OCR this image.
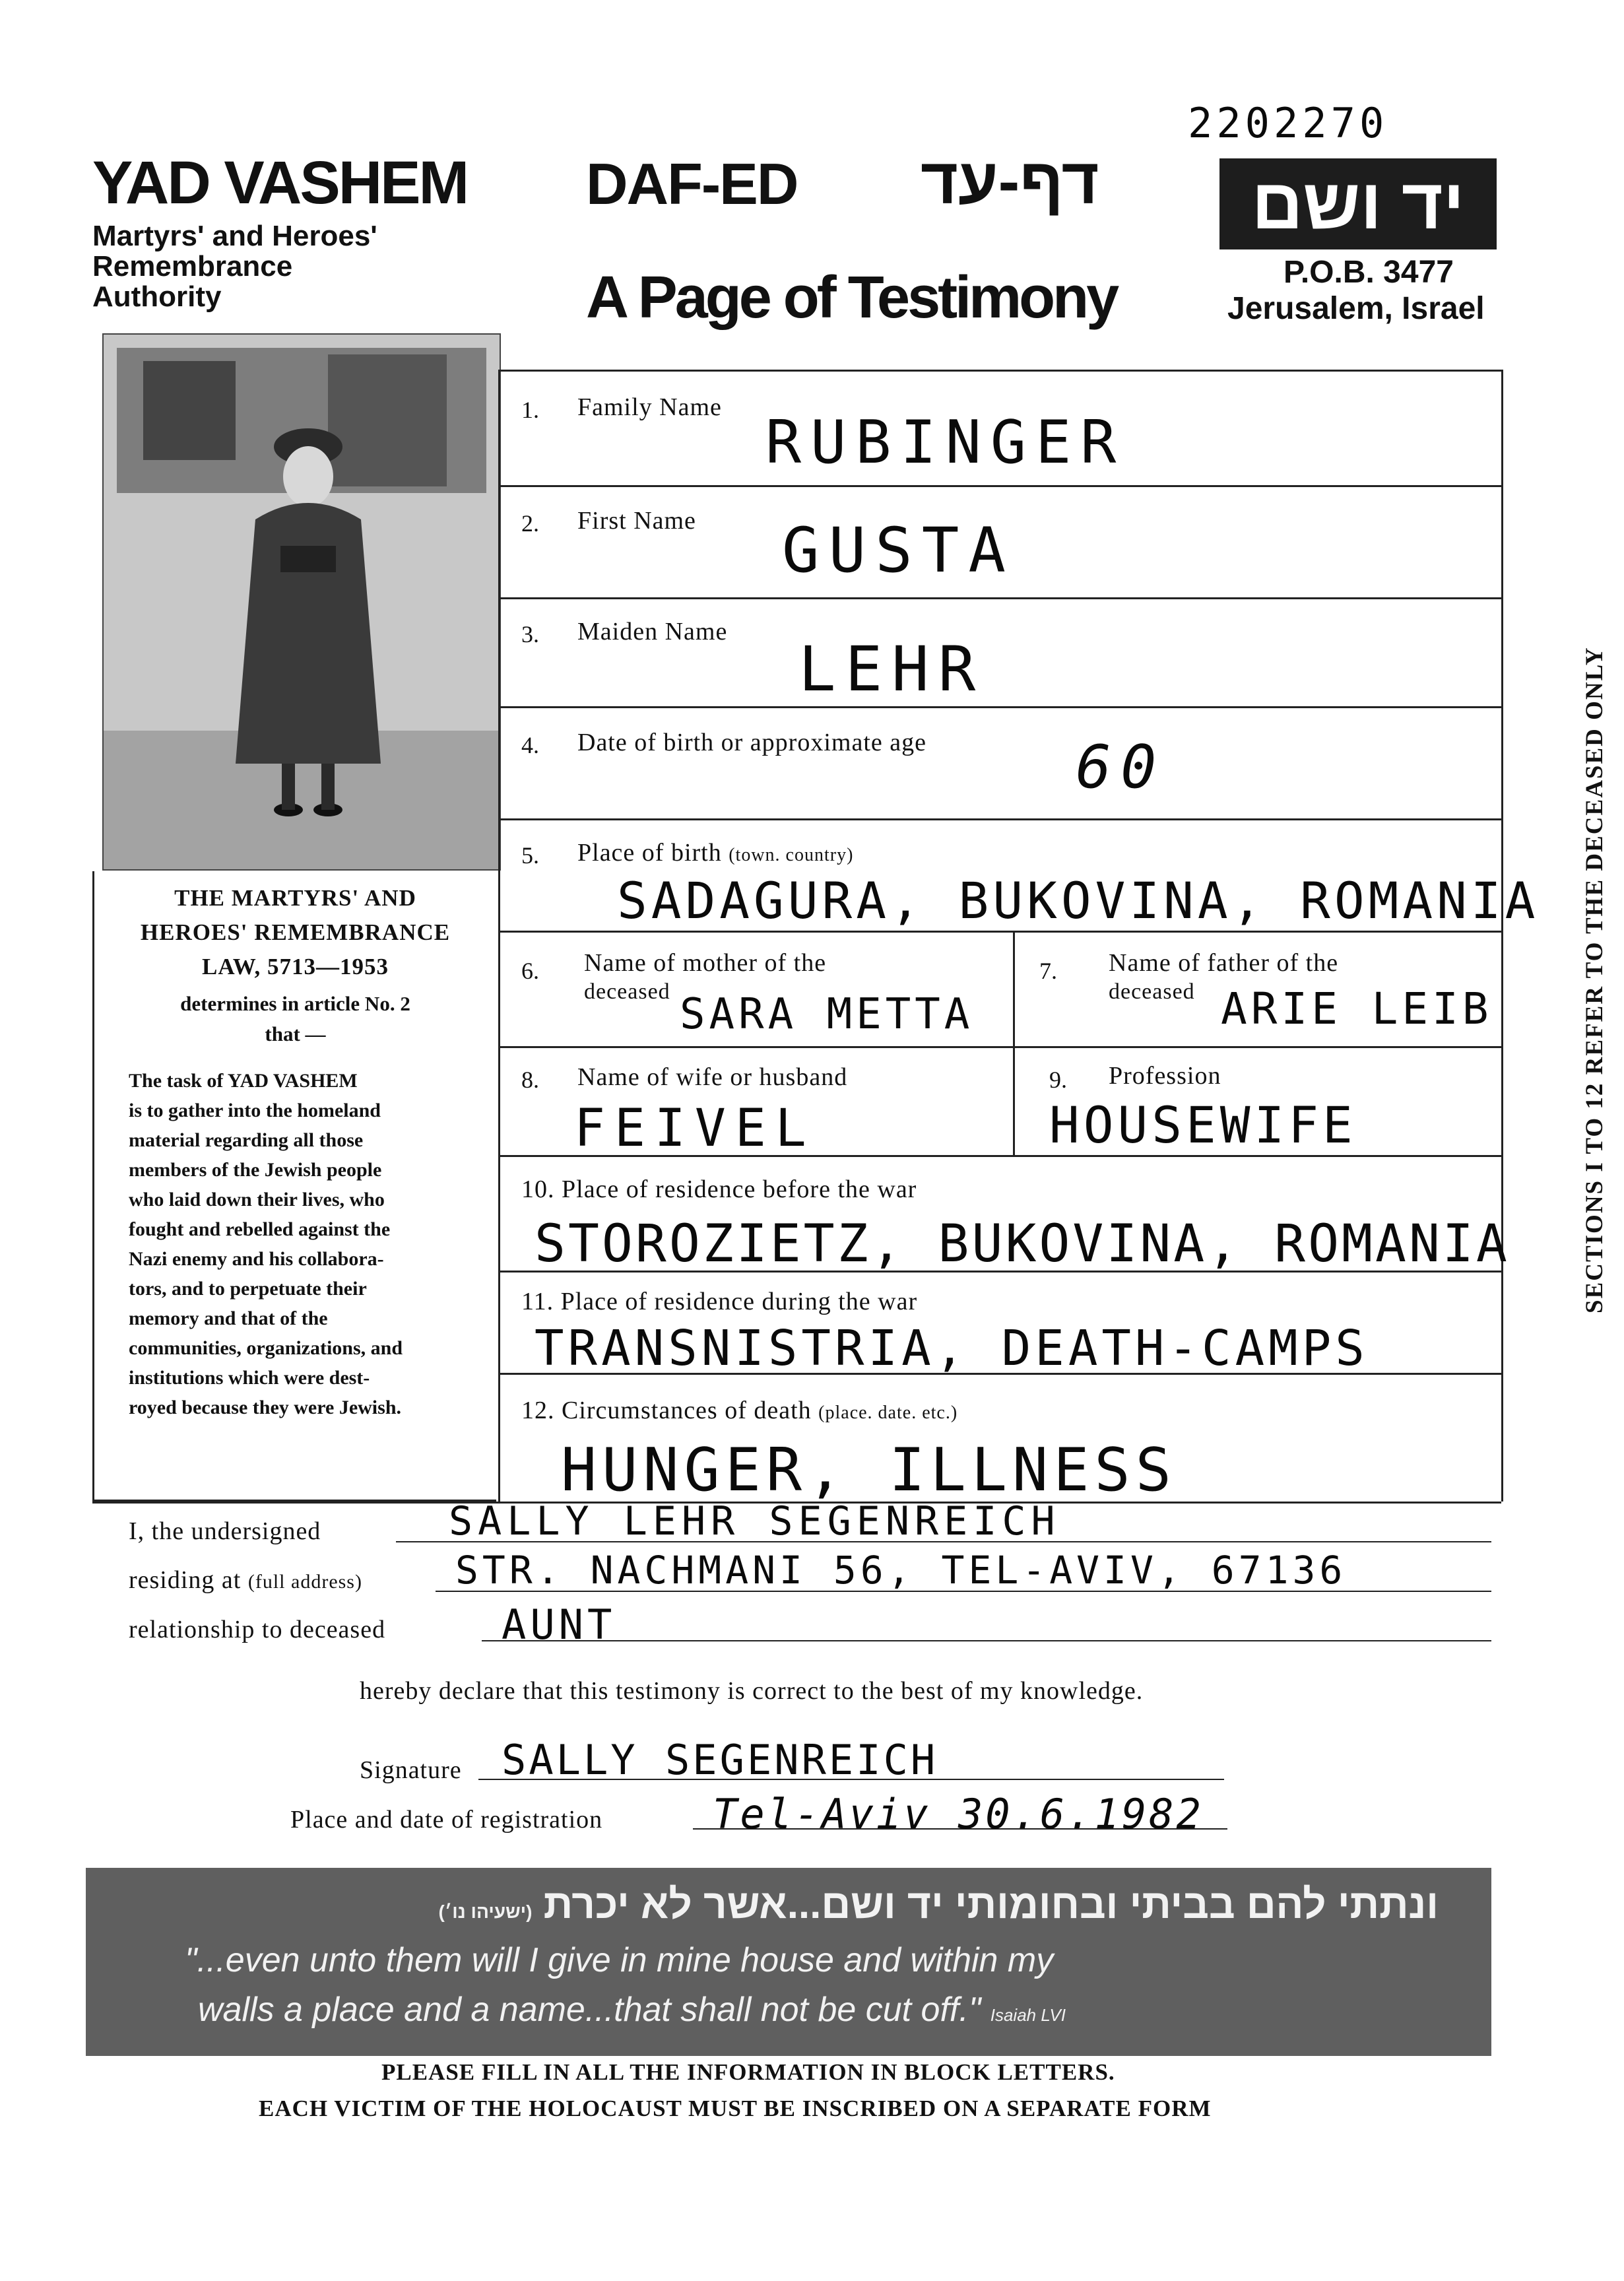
2202270
YAD VASHEM
Martyrs' and Heroes'
Remembrance
Authority
DAF-ED דף-עד
A Page of Testimony
יד ושם
P.O.B. 3477
Jerusalem, Israel

THE MARTYRS' AND

HEROES' REMEMBRANCE

LAW, 5713—1953

determines in article No. 2
that —

The task of YAD VASHEM

is to gather into the homeland

material regarding all those

members of the Jewish people

who laid down their lives, who

fought and rebelled against the

Nazi enemy and his collabora-

tors, and to perpetuate their

memory and that of the

communities, organizations, and

institutions which were dest-

royed because they were Jewish.

1. Family Name
RUBINGER
2. First Name GUSTA
3. Maiden Name
LEHR
4. Date of birth or approximate age	60
5. Place of birth (town. country)
SADAGURA, BUKOVINA, ROMANIA
6. Name of mother of the
deceased SARA METTA
7. Name of father of the
deceased ARIE LEIB
8. Name of wife or husband
FEIVEL
9. Profession
HOUSEWIFE
10. Place of residence before the war
STOROZIETZ, BUKOVINA, ROMANIA
11. Place of residence during the war
TRANSNISTRIA, DEATH-CAMPS
12. Circumstances of death (place. date. etc.)
HUNGER, ILLNESS
SECTIONS I TO 12 REFER TO THE DECEASED ONLY
I, the undersigned	SALLY LEHR SEGENREICH
residing at (full address) STR. NACHMANI 56, TEL-AVIV, 67136
relationship to deceased	AUNT
hereby declare that this testimony is correct to the best of my knowledge.
Signature SALLY SEGENREICH
Place and date of registration	Tel-Aviv 30.6.1982
ונתתי להם בביתי ובחומותי יד ושם...אשר לא יכרת (ישעיהו נו׳)
"...even unto them will I give in mine house and within my
walls a place and a name...that shall not be cut off." Isaiah LVI
PLEASE FILL IN ALL THE INFORMATION IN BLOCK LETTERS.
EACH VICTIM OF THE HOLOCAUST MUST BE INSCRIBED ON A SEPARATE FORM
